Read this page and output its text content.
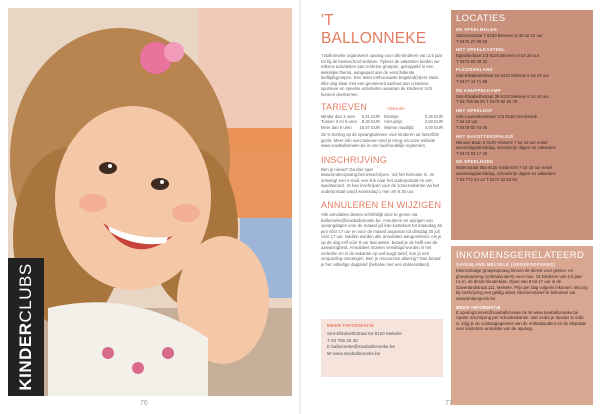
KINDERCLUBS
76
'T BALLONNEKE
't Ballonneke organiseert opvang voor alle kinderen van 2,5 jaar tot bij de basisschool verlaten. Tijdens de vakanties bieden we telkens activiteiten aan in kleine groepen, gekoppeld in een wekelijks thema, aangepast aan de verschillende leeftijdsgroepen. Een team enthousiaste begeleid(st)ers staat elke dag klaar met een gevarieerd aanbod aan creatieve, sportieve en speelse activiteiten waaraan de kinderen zich kunnen deelnemen.
TARIEVEN	Vakantie
Minder dan 3 uren 5,51 EUR
Tussen 3 en 6 uren 8,30 EUR
Meer dan 6 uren 16,57 EUR
Drankje:	0,35 EUR
Vieruurtje:	2,50 EUR
Warme maaltijd:	4,00 EUR
25 % korting op de opvangtarieven voor kinderen uit hetzelfde gezin. Meer info over tarieven vind je terug via onze website www.sowballonneke.be in ons huishoudelijk reglement.
INSCHRIJVING
Ben je nieuw? Ga dan naar www.kinderopvang.be/nl/inschrijven. Vul het formulier in. Je ontvangt een e-mail, een link naar het ouderportaal en een wachtwoord. Je kan inschrijven voor de zomervakantie via het ouderportaal vanaf woensdag 1 mei om 8.30 uur.
ANNULEREN EN WIJZIGEN
Alle annulaties dienen schriftelijk door te geven via ballonneke@sowballonneke.be. Annuleren en wijzigen van opvangdagen voor de maand juli kan kosteloos tot maandag 26 juni vóór 17 uur en voor de maand augustus tot dinsdag 25 juli vóór 17 uur. Nadien worden alle annulaties aangerekend. Als je op de dag zelf vóór 8 uur laat weten, betaal je de helft van de aanwezigheid. Annulaties moeten verwittigd worden in het verleden en in de vakantie op verhoogd tarief, kun je een vergoeding ontvangen. Ben je onvoorzien afwezig? Dan betaal je het volledige dagtarief (behalve met een doktersattest).
MEER INFORMATIE
Sint-Elisabethstraat 64 9120 Melsele
T 03 755 26 30
E ballonneke@sowballonneke.be
W www.sowballonneke.be
LOCATIES
DE SPEELMOLEN
Stationsstraat 7 9120 Beveren 6.30 tot 19 uur
T 0475 27 09 03
HET SPEELKASTEEL
Eglantierlaan 1/3 9120 Beveren 6 tot 20 uur
T 0473 93 09 32
PLEZIERELAND
Sint-Elisabethstraat 64 9120 Melsele 6 tot 19 uur
T 0477 44 71 98
DE KNUPPELKAMP
Sint-Elisabethstraat 39 9120 Melsele 6 tot 19 uur
T 03 755 85 00 T 0479 92 36 79
HET SPEELHOF
Sint-Laurentiusstraat 17a 9130 Verrebroek
7 tot 18 uur
T 0479 82 74 46
HET RAVOTTERSPALEIS
Nieuwe Baan 6 9120 Vrasene 7 tot 19 uur enkel
woensdagnamiddag, schoolvrije dagen en vakanties
T 0473 55 17 40
DE SPEELHOEK
Molenstraat 66a 9130 Kieldrecht 7 tot 18 uur enkel
woensdagnamiddag, schoolvrije dagen en vakanties
T 03 772 64 12 T 0472 22 53 54
INKOMENSGERELATEERD
SAVENLAND MELSELE (GROEPSOPVANG)
Kleinschalige groepsopvang binnen de dienst voor gezins- en groepsopvang (onthaalouders) voor max. 18 kinderen van 2,5 jaar t.e.m. de derde kleuterklas. Open van 8 tot 17 uur in de Gavertandstraat 111, Melsele. Prijs per dag volgens inkomen. Bezorg bij inschrijving een geldig attest inkomenstarief te bekomen via www.kindengezin.be.
MEER INFORMATIE
E opvangzonnen@sowballonneke.be W www.sowballonneke.be Aparte inschrijving per schoolvakantie. Van zodra je dossier in orde is, krijg je de contactgegevens van de onthaalouders en de afspraak over kosteloze annulatie van de opvang.
77
